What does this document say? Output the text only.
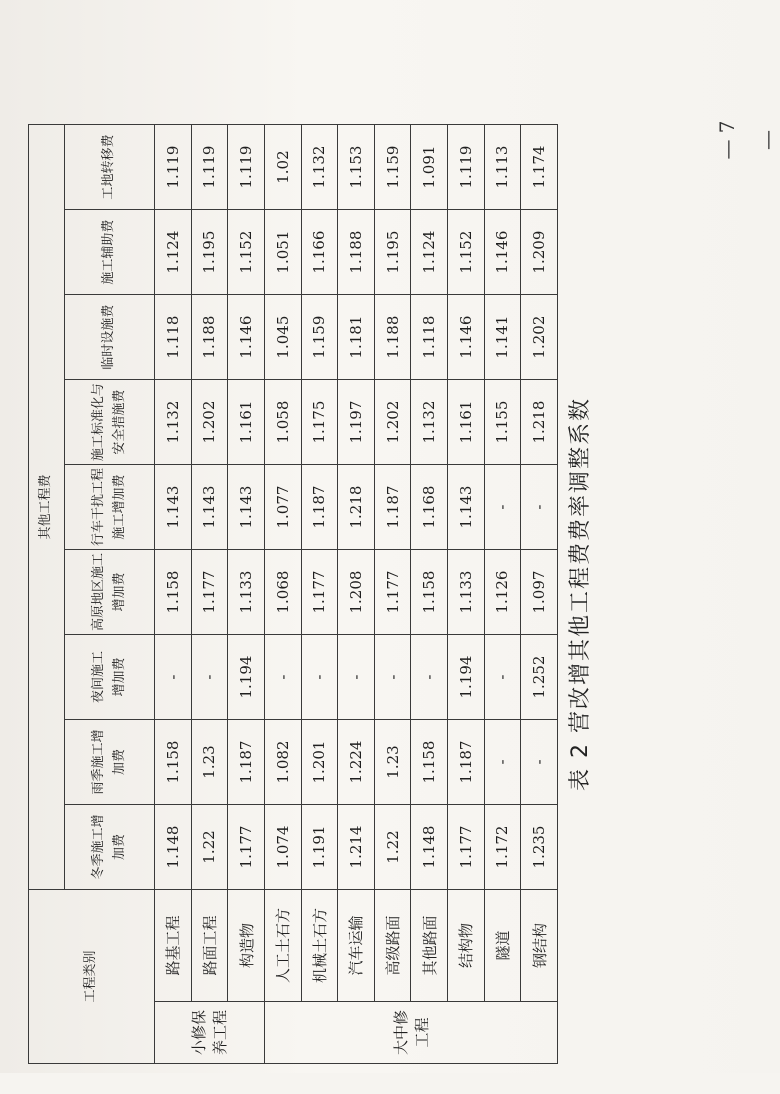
— 7 —
表 2 营改增其他工程费费率调整系数
工程类别		其他工程费								

		冬季施工增 加费	雨季施工增 加费	夜间施工 增加费	高原地区施工 增加费	行车干扰工程 施工增加费	施工标准化与 安全措施费	临时设施费	施工辅助费	工地转移费

小修保 养工程	路基工程	1.148	1.158	-	1.158	1.143	1.132	1.118	1.124	1.119
	路面工程	1.22	1.23	-	1.177	1.143	1.202	1.188	1.195	1.119
	构造物	1.177	1.187	1.194	1.133	1.143	1.161	1.146	1.152	1.119

大中修 工程	人工土石方	1.074	1.082	-	1.068	1.077	1.058	1.045	1.051	1.02
	机械土石方	1.191	1.201	-	1.177	1.187	1.175	1.159	1.166	1.132
	汽车运输	1.214	1.224	-	1.208	1.218	1.197	1.181	1.188	1.153
	高级路面	1.22	1.23	-	1.177	1.187	1.202	1.188	1.195	1.159
	其他路面	1.148	1.158	-	1.158	1.168	1.132	1.118	1.124	1.091
	结构物	1.177	1.187	1.194	1.133	1.143	1.161	1.146	1.152	1.119
	隧道	1.172	-	-	1.126	-	1.155	1.141	1.146	1.113
	钢结构	1.235	-	1.252	1.097	-	1.218	1.202	1.209	1.174
